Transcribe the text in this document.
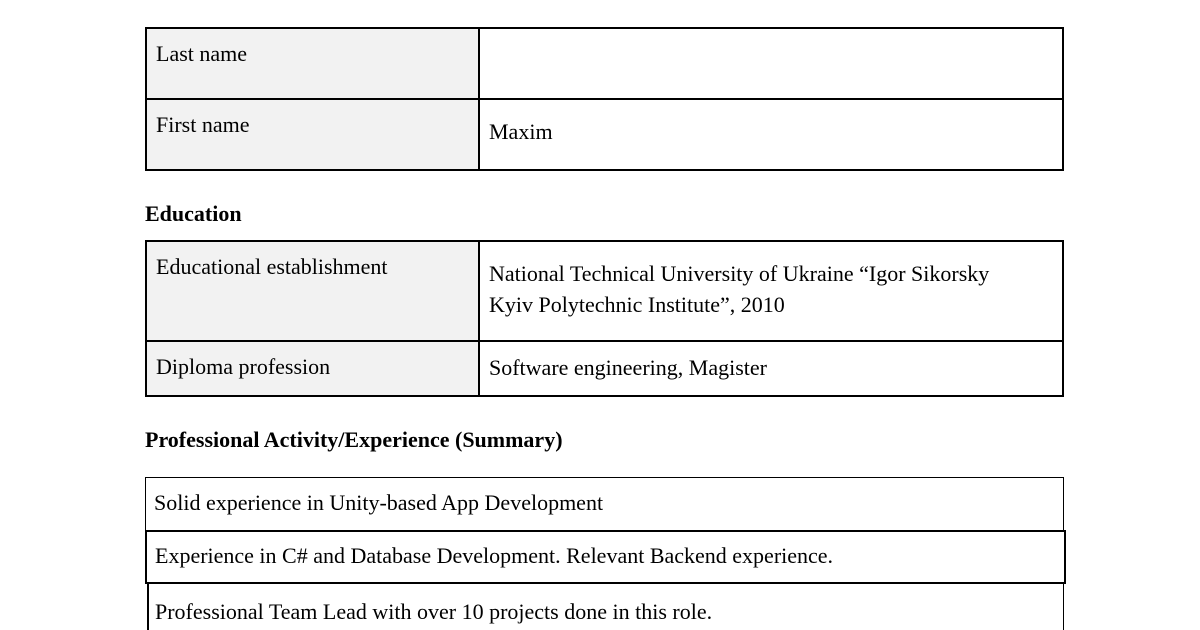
Last name
First name	Maxim
Education
Educational establishment	National Technical University of Ukraine “Igor Sikorsky
Kyiv Polytechnic Institute”, 2010
Diploma profession	Software engineering, Magister
Professional Activity/Experience (Summary)
Solid experience in Unity-based App Development
Experience in C# and Database Development. Relevant Backend experience.
Professional Team Lead with over 10 projects done in this role.
